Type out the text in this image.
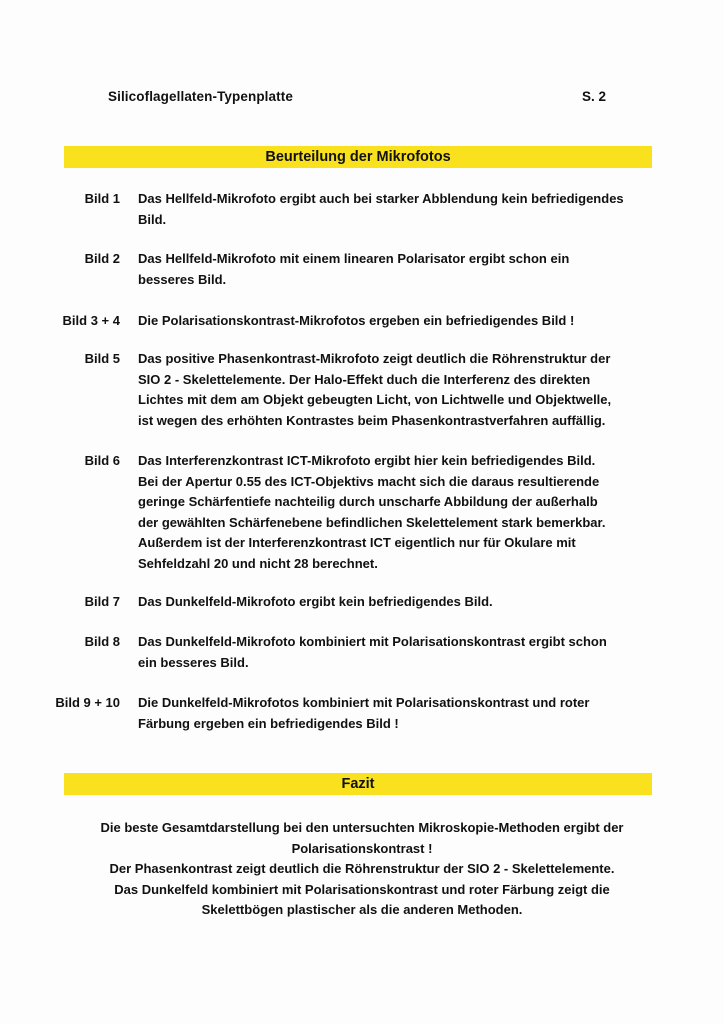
Silicoflagellaten-Typenplatte	S. 2
Beurteilung der Mikrofotos
Bild 1 Das Hellfeld-Mikrofoto ergibt auch bei starker Abblendung kein befriedigendes
Bild.
Bild 2 Das Hellfeld-Mikrofoto mit einem linearen Polarisator ergibt schon ein
besseres Bild.
Bild 3 + 4 Die Polarisationskontrast-Mikrofotos ergeben ein befriedigendes Bild !
Bild 5 Das positive Phasenkontrast-Mikrofoto zeigt deutlich die Röhrenstruktur der
SIO 2 - Skelettelemente. Der Halo-Effekt duch die Interferenz des direkten
Lichtes mit dem am Objekt gebeugten Licht, von Lichtwelle und Objektwelle,
ist wegen des erhöhten Kontrastes beim Phasenkontrastverfahren auffällig.
Bild 6 Das Interferenzkontrast ICT-Mikrofoto ergibt hier kein befriedigendes Bild.
Bei der Apertur 0.55 des ICT-Objektivs macht sich die daraus resultierende
geringe Schärfentiefe nachteilig durch unscharfe Abbildung der außerhalb
der gewählten Schärfenebene befindlichen Skelettelement stark bemerkbar.
Außerdem ist der Interferenzkontrast ICT eigentlich nur für Okulare mit
Sehfeldzahl 20 und nicht 28 berechnet.
Bild 7 Das Dunkelfeld-Mikrofoto ergibt kein befriedigendes Bild.
Bild 8 Das Dunkelfeld-Mikrofoto kombiniert mit Polarisationskontrast ergibt schon
ein besseres Bild.
Bild 9 + 10 Die Dunkelfeld-Mikrofotos kombiniert mit Polarisationskontrast und roter
Färbung ergeben ein befriedigendes Bild !
Fazit
Die beste Gesamtdarstellung bei den untersuchten Mikroskopie-Methoden ergibt der
Polarisationskontrast !
Der Phasenkontrast zeigt deutlich die Röhrenstruktur der SIO 2 - Skelettelemente.
Das Dunkelfeld kombiniert mit Polarisationskontrast und roter Färbung zeigt die
Skelettbögen plastischer als die anderen Methoden.
